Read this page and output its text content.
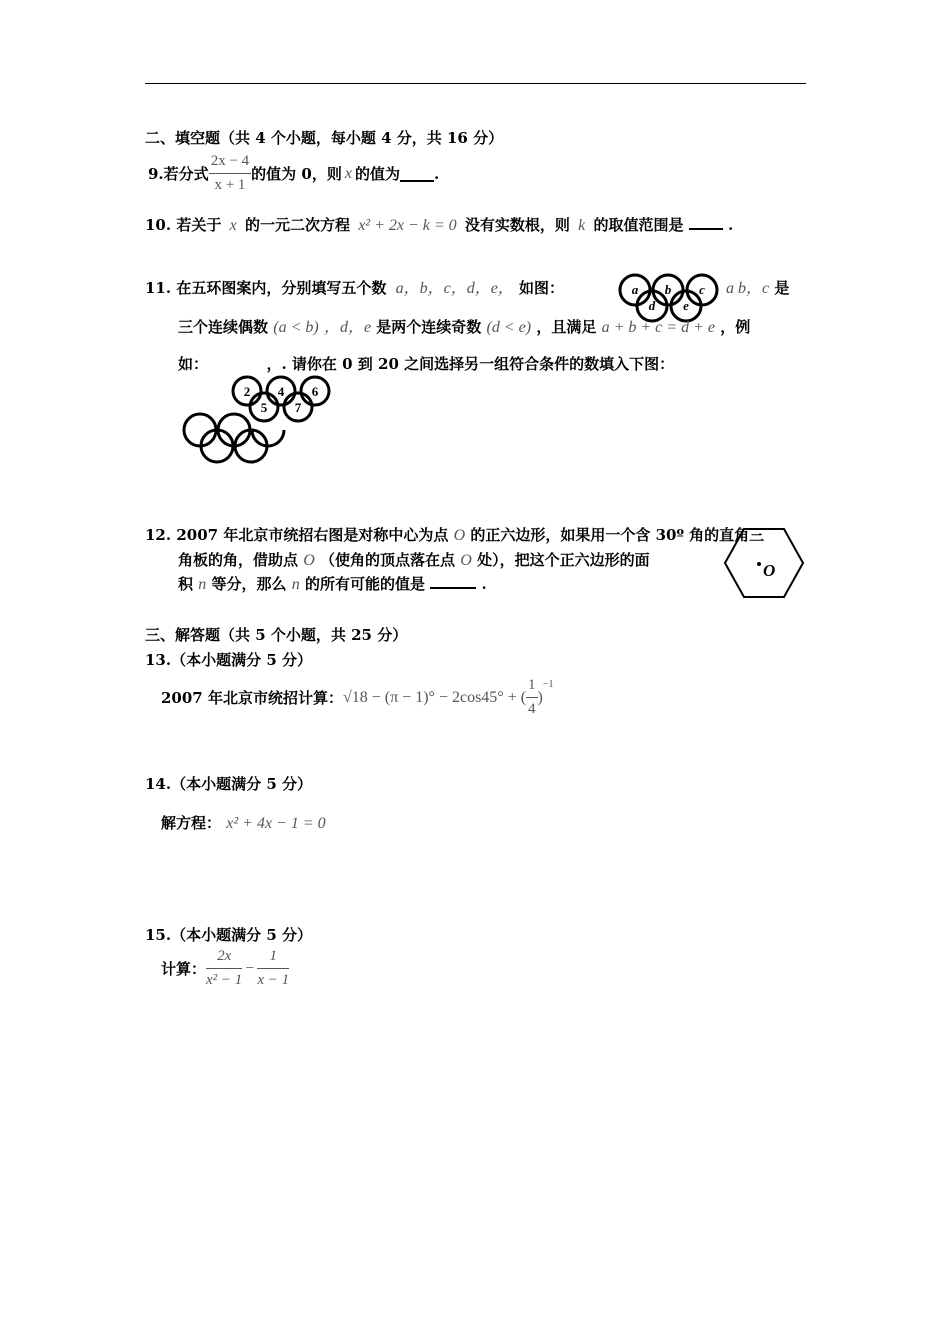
二、填空题（共 4 个小题，每小题 4 分，共 16 分）
9. 若分式 $\frac{2x - 4}{x + 1}$ 的值为 0，则 x 的值为 .
10. 若关于 x 的一元二次方程 x² + 2x − k = 0 没有实数根，则 k 的取值范围是	.
11. 在五环图案内，分别填写五个数 a，b，c，d，e， 如图：	a b，c 是
a b c
d e
三个连续偶数 (a < b) ，d，e 是两个连续奇数 (d < e) ，且满足 a + b + c = d + e ，例
如：	，. 请你在 0 到 20 之间选择另一组符合条件的数填入下图：
2 4 6
5 7
12. 2007 年北京市统招右图是对称中心为点 O 的正六边形，如果用一个含 30º 角的直角三
角板的角，借助点 O （使角的顶点落在点 O 处），把这个正六边形的面
积 n 等分，那么 n 的所有可能的值是	.
O
三、解答题（共 5 个小题，共 25 分）
13.（本小题满分 5 分）
2007 年北京市统招计算： √18 − (π − 1)° − 2cos45° + ( $\frac{1}{4}$ )
−1
14.（本小题满分 5 分）
解方程： x² + 4x − 1 = 0
15.（本小题满分 5 分）
计算： $\frac{2x}{\text{x² − 1}} - \frac{1}{x - 1}$
